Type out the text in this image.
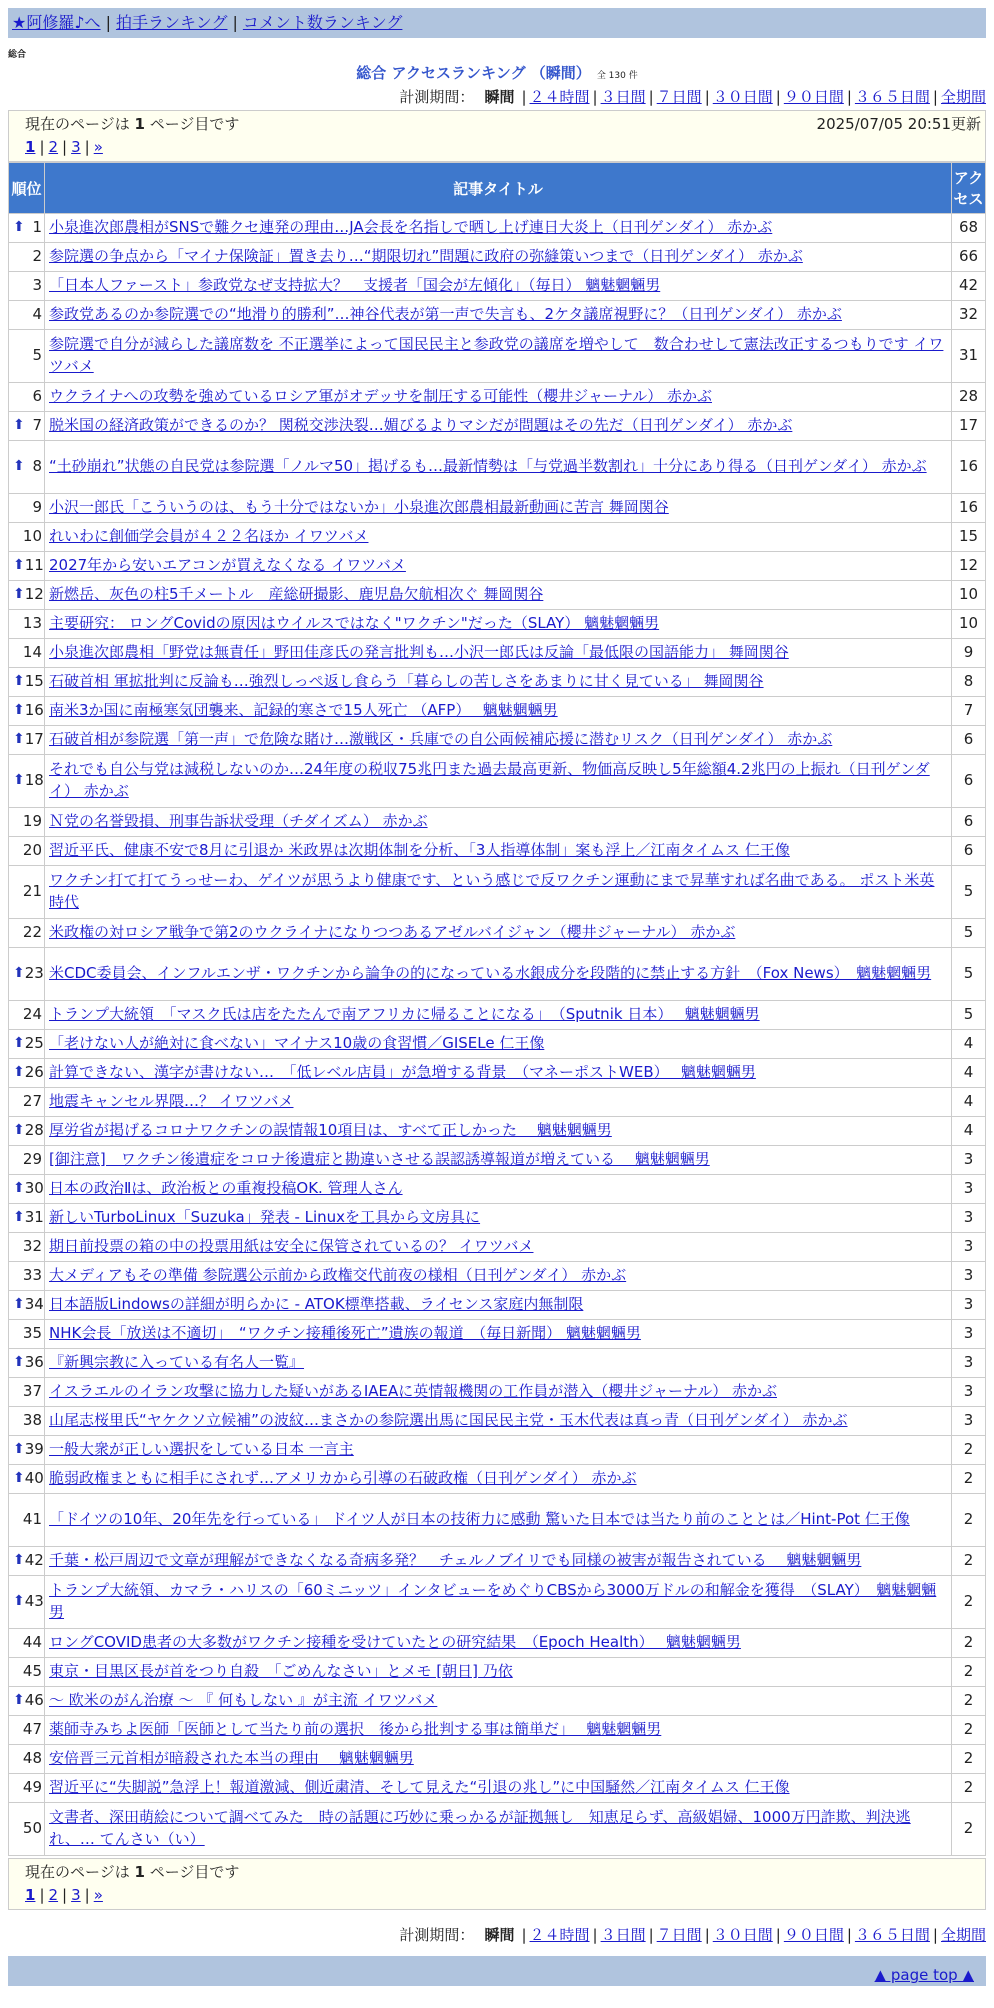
★阿修羅♪へ | 拍手ランキング | コメント数ランキング
総合
総合 アクセスランキング （瞬間） 全 130 件
計測期間： 瞬間 | ２４時間 | ３日間 | ７日間 | ３０日間 | ９０日間 | ３６５日間 | 全期間
現在のページは 1 ページ目です	2025/07/05 20:51更新
1 | 2 | 3 | »
順位	記事タイトル	アクセス

⬆ 1	小泉進次郎農相がSNSで難クセ連発の理由…JA会長を名指しで晒し上げ連日大炎上（日刊ゲンダイ） 赤かぶ	68
2	参院選の争点から「マイナ保険証」置き去り…“期限切れ”問題に政府の弥縫策いつまで（日刊ゲンダイ） 赤かぶ	66
3	「日本人ファースト」参政党なぜ支持拡大？　支援者「国会が左傾化」（毎日） 魑魅魍魎男	42
4	参政党あるのか参院選での“地滑り的勝利”…神谷代表が第一声で失言も、2ケタ議席視野に？（日刊ゲンダイ） 赤かぶ	32
5	参院選で自分が減らした議席数を 不正選挙によって国民民主と参政党の議席を増やして　数合わせして憲法改正するつもりです イワツバメ	31
6	ウクライナへの攻勢を強めているロシア軍がオデッサを制圧する可能性（櫻井ジャーナル） 赤かぶ	28

⬆ 7	脱米国の経済政策ができるのか？ 関税交渉決裂…媚びるよりマシだが問題はその先だ（日刊ゲンダイ） 赤かぶ	17

⬆ 8	“土砂崩れ”状態の自民党は参院選「ノルマ50」掲げるも…最新情勢は「与党過半数割れ」十分にあり得る（日刊ゲンダイ） 赤かぶ	16
9	小沢一郎氏「こういうのは、もう十分ではないか」小泉進次郎農相最新動画に苦言 舞岡関谷	16
10	れいわに創価学会員が４２２名ほか イワツバメ	15

⬆ 11	2027年から安いエアコンが買えなくなる イワツバメ	12

⬆ 12	新燃岳、灰色の柱5千メートル　産総研撮影、鹿児島欠航相次ぐ 舞岡関谷	10
13	主要研究： ロングCovidの原因はウイルスではなく"ワクチン"だった（SLAY） 魑魅魍魎男	10
14	小泉進次郎農相「野党は無責任」野田佳彦氏の発言批判も…小沢一郎氏は反論「最低限の国語能力」 舞岡関谷	9

⬆ 15	石破首相 軍拡批判に反論も…強烈しっぺ返し食らう「暮らしの苦しさをあまりに甘く見ている」 舞岡関谷	8

⬆ 16	南米3か国に南極寒気団襲来、記録的寒さで15人死亡 （AFP）　 魑魅魍魎男	7

⬆ 17	石破首相が参院選「第一声」で危険な賭け…激戦区・兵庫での自公両候補応援に潜むリスク（日刊ゲンダイ） 赤かぶ	6

⬆ 18	それでも自公与党は減税しないのか…24年度の税収75兆円また過去最高更新、物価高反映し5年総額4.2兆円の上振れ（日刊ゲンダイ） 赤かぶ	6
19	Ｎ党の名誉毀損、刑事告訴状受理（チダイズム） 赤かぶ	6
20	習近平氏、健康不安で8月に引退か 米政界は次期体制を分析、「3人指導体制」案も浮上／江南タイムス 仁王像	6
21	ワクチン打て打てうっせーわ、ゲイツが思うより健康です、という感じで反ワクチン運動にまで昇華すれば名曲である。 ポスト米英時代	5
22	米政権の対ロシア戦争で第2のウクライナになりつつあるアゼルバイジャン（櫻井ジャーナル） 赤かぶ	5

⬆ 23	米CDC委員会、インフルエンザ・ワクチンから論争の的になっている水銀成分を段階的に禁止する方針　（Fox News）　魑魅魍魎男	5
24	トランプ大統領　「マスク氏は店をたたんで南アフリカに帰ることになる」　（Sputnik 日本）　 魑魅魍魎男	5

⬆ 25	「老けない人が絶対に食べない」マイナス10歳の食習慣／GISELe 仁王像	4

⬆ 26	計算できない、漢字が書けない…　「低レベル店員」が急増する背景　（マネーポストWEB）　 魑魅魍魎男	4
27	地震キャンセル界隈…？ イワツバメ	4

⬆ 28	厚労省が掲げるコロナワクチンの誤情報10項目は、すべて正しかった　 魑魅魍魎男	4
29	[御注意]　ワクチン後遺症をコロナ後遺症と勘違いさせる誤認誘導報道が増えている　 魑魅魍魎男	3

⬆ 30	日本の政治Ⅱは、政治板との重複投稿OK. 管理人さん	3

⬆ 31	新しいTurboLinux「Suzuka」発表 - Linuxを工具から文房具に	3
32	期日前投票の箱の中の投票用紙は安全に保管されているの？ イワツバメ	3
33	大メディアもその準備 参院選公示前から政権交代前夜の様相（日刊ゲンダイ） 赤かぶ	3

⬆ 34	日本語版Lindowsの詳細が明らかに - ATOK標準搭載、ライセンス家庭内無制限	3
35	NHK会長「放送は不適切」　“ワクチン接種後死亡”遺族の報道　（毎日新聞） 魑魅魍魎男	3

⬆ 36	『新興宗教に入っている有名人一覧』	3
37	イスラエルのイラン攻撃に協力した疑いがあるIAEAに英情報機関の工作員が潜入（櫻井ジャーナル） 赤かぶ	3
38	山尾志桜里氏“ヤケクソ立候補”の波紋…まさかの参院選出馬に国民民主党・玉木代表は真っ青（日刊ゲンダイ） 赤かぶ	3

⬆ 39	一般大衆が正しい選択をしている日本 一言主	2

⬆ 40	脆弱政権まともに相手にされず…アメリカから引導の石破政権（日刊ゲンダイ） 赤かぶ	2
41	「ドイツの10年、20年先を行っている」 ドイツ人が日本の技術力に感動 驚いた日本では当たり前のこととは／Hint-Pot 仁王像	2

⬆ 42	千葉・松戸周辺で文章が理解ができなくなる奇病多発？　チェルノブイリでも同様の被害が報告されている　 魑魅魍魎男	2

⬆ 43	トランプ大統領、カマラ・ハリスの「60ミニッツ」インタビューをめぐりCBSから3000万ドルの和解金を獲得　（SLAY）　魑魅魍魎男	2
44	ロングCOVID患者の大多数がワクチン接種を受けていたとの研究結果　（Epoch Health）　 魑魅魍魎男	2
45	東京・目黒区長が首をつり自殺　「ごめんなさい」とメモ [朝日] 乃依	2

⬆ 46	〜 欧米のがん治療 〜 『 何もしない 』が主流 イワツバメ	2
47	薬師寺みちよ医師「医師として当たり前の選択　後から批判する事は簡単だ」　 魑魅魍魎男	2
48	安倍晋三元首相が暗殺された本当の理由　 魑魅魍魎男	2
49	習近平に“失脚説”急浮上！報道激減、側近粛清、そして見えた“引退の兆し”に中国騒然／江南タイムス 仁王像	2
50	文書者、深田萌絵について調べてみた　時の話題に巧妙に乗っかるが証拠無し　知恵足らず、高級娼婦、1000万円詐欺、判決逃れ、… てんさい（い）	2
現在のページは 1 ページ目です
1 | 2 | 3 | »
計測期間： 瞬間 | ２４時間 | ３日間 | ７日間 | ３０日間 | ９０日間 | ３６５日間 | 全期間
▲ page top ▲
